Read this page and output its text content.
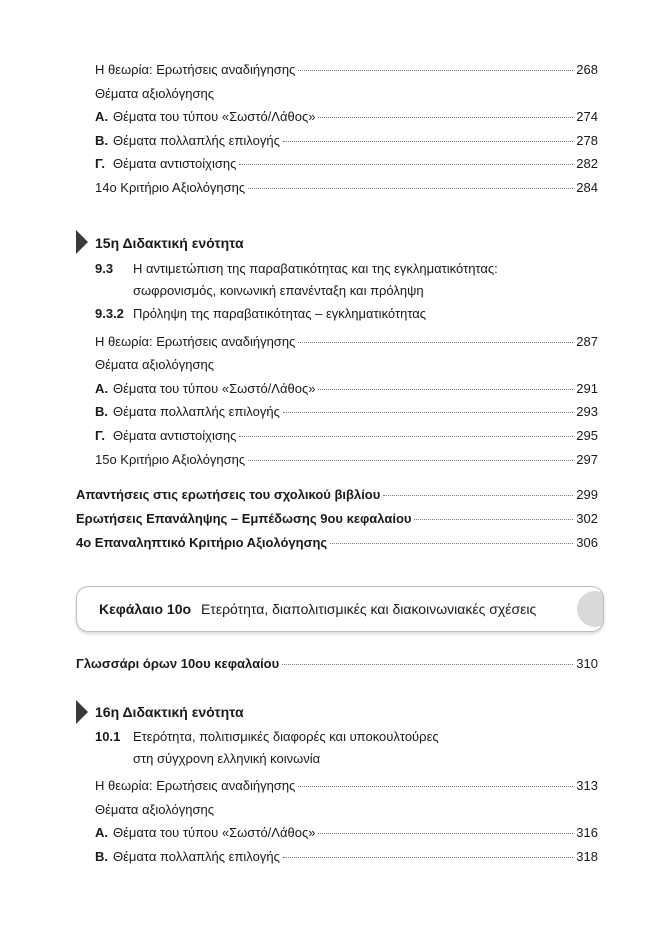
Η θεωρία: Ερωτήσεις αναδιήγησης	268
Θέματα αξιολόγησης
Α. Θέματα του τύπου «Σωστό/Λάθος»	274
Β. Θέματα πολλαπλής επιλογής	278
Γ. Θέματα αντιστοίχισης	282
14ο Κριτήριο Αξιολόγησης	284
15η Διδακτική ενότητα
9.3	Η αντιμετώπιση της παραβατικότητας και της εγκληματικότητας:
σωφρονισμός, κοινωνική επανένταξη και πρόληψη
9.3.2 Πρόληψη της παραβατικότητας – εγκληματικότητας
Η θεωρία: Ερωτήσεις αναδιήγησης	287
Θέματα αξιολόγησης
Α. Θέματα του τύπου «Σωστό/Λάθος»	291
Β. Θέματα πολλαπλής επιλογής	293
Γ. Θέματα αντιστοίχισης	295
15ο Κριτήριο Αξιολόγησης	297
Απαντήσεις στις ερωτήσεις του σχολικού βιβλίου	299
Ερωτήσεις Επανάληψης – Εμπέδωσης 9ου κεφαλαίου	302
4ο Επαναληπτικό Κριτήριο Αξιολόγησης	306
Κεφάλαιο 10ο Ετερότητα, διαπολιτισμικές και διακοινωνιακές σχέσεις
Γλωσσάρι όρων 10ου κεφαλαίου	310
16η Διδακτική ενότητα
10.1 Ετερότητα, πολιτισμικές διαφορές και υποκουλτούρες
στη σύγχρονη ελληνική κοινωνία
Η θεωρία: Ερωτήσεις αναδιήγησης	313
Θέματα αξιολόγησης
Α. Θέματα του τύπου «Σωστό/Λάθος»	316
Β. Θέματα πολλαπλής επιλογής	318
